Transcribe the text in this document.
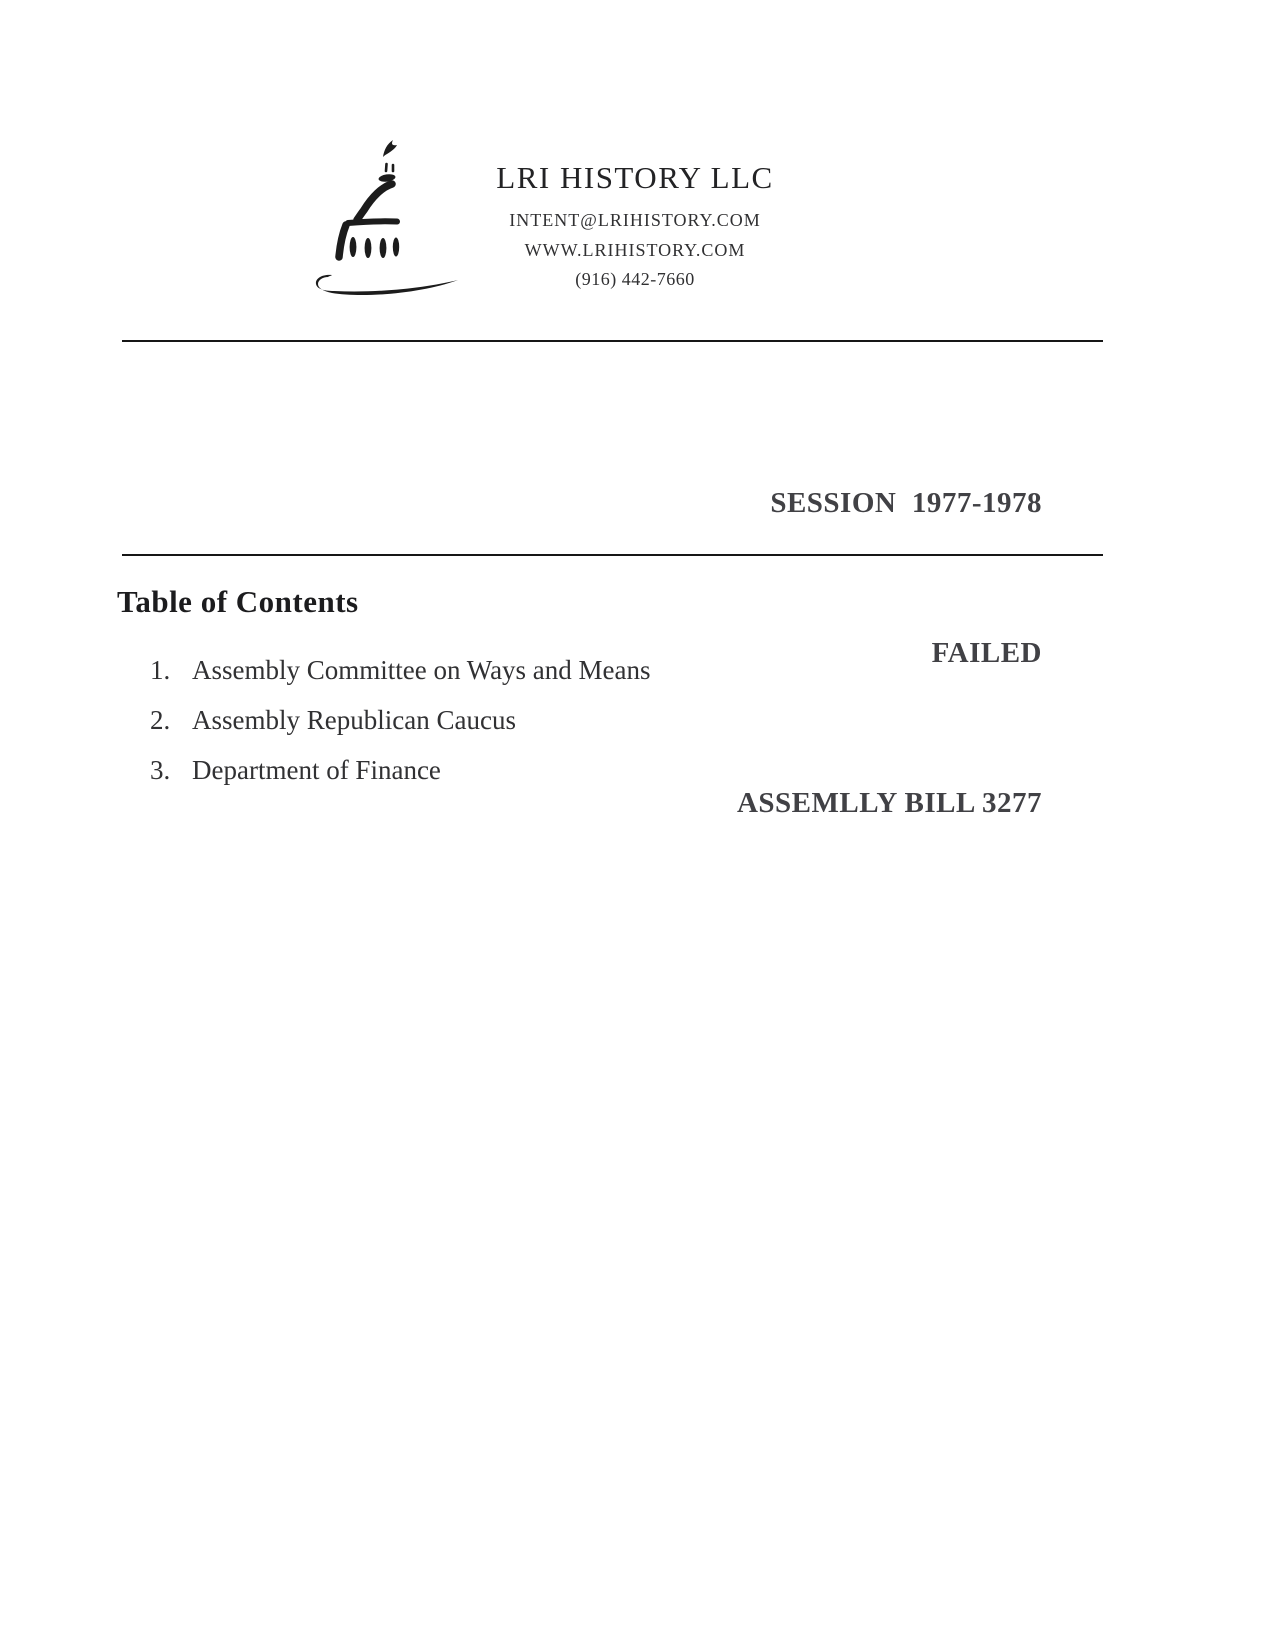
LRI HISTORY LLC
INTENT@LRIHISTORY.COM
WWW.LRIHISTORY.COM
(916) 442-7660

SESSION  1977-1978

FAILED

ASSEMLLY BILL 3277

Table of Contents
1. Assembly Committee on Ways and Means
2. Assembly Republican Caucus
3. Department of Finance
